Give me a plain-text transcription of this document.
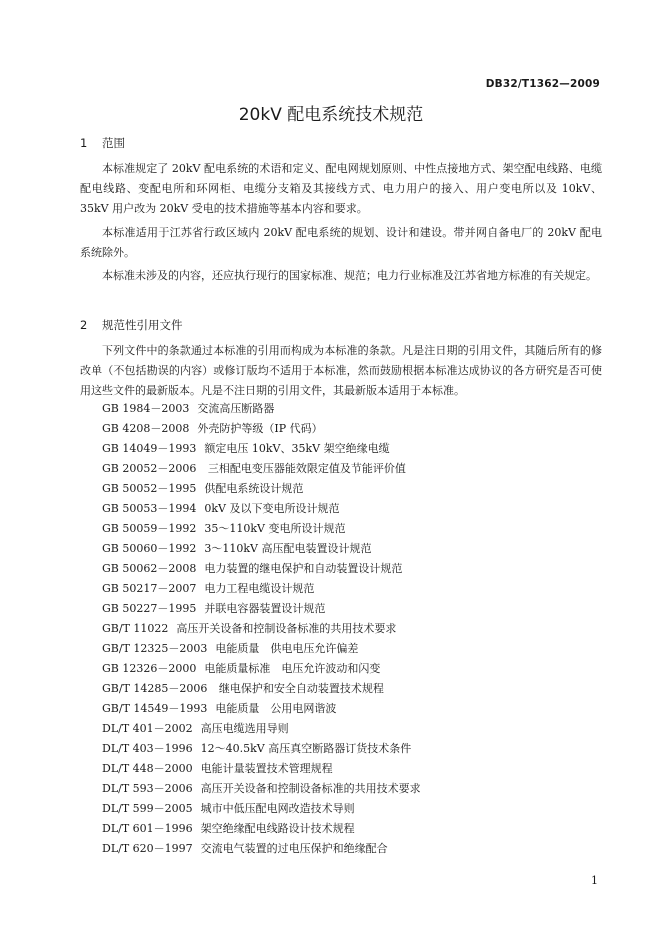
DB32/T1362—2009
20kV 配电系统技术规范
1 范围

本标准规定了 20kV 配电系统的术语和定义、配电网规划原则、中性点接地方式、架空配电线路、电缆配电线路、变配电所和环网柜、电缆分支箱及其接线方式、电力用户的接入、用户变电所以及 10kV、35kV 用户改为 20kV 受电的技术措施等基本内容和要求。

本标准适用于江苏省行政区域内 20kV 配电系统的规划、设计和建设。带并网自备电厂的 20kV 配电系统除外。

本标准未涉及的内容，还应执行现行的国家标准、规范；电力行业标准及江苏省地方标准的有关规定。

2 规范性引用文件

下列文件中的条款通过本标准的引用而构成为本标准的条款。凡是注日期的引用文件，其随后所有的修改单（不包括勘误的内容）或修订版均不适用于本标准，然而鼓励根据本标准达成协议的各方研究是否可使用这些文件的最新版本。凡是不注日期的引用文件，其最新版本适用于本标准。

GB 1984－2003 交流高压断路器
GB 4208－2008 外壳防护等级（IP 代码）
GB 14049－1993 额定电压 10kV、35kV 架空绝缘电缆
GB 20052－2006 三相配电变压器能效限定值及节能评价值
GB 50052－1995 供配电系统设计规范
GB 50053－1994 0kV 及以下变电所设计规范
GB 50059－1992 35～110kV 变电所设计规范
GB 50060－1992 3～110kV 高压配电装置设计规范
GB 50062－2008 电力装置的继电保护和自动装置设计规范
GB 50217－2007 电力工程电缆设计规范
GB 50227－1995 并联电容器装置设计规范
GB/T 11022 高压开关设备和控制设备标准的共用技术要求
GB/T 12325－2003 电能质量　供电电压允许偏差
GB 12326－2000 电能质量标准　电压允许波动和闪变
GB/T 14285－2006 继电保护和安全自动装置技术规程
GB/T 14549－1993 电能质量　公用电网谐波
DL/T 401－2002 高压电缆选用导则
DL/T 403－1996 12～40.5kV 高压真空断路器订货技术条件
DL/T 448－2000 电能计量装置技术管理规程
DL/T 593－2006 高压开关设备和控制设备标准的共用技术要求
DL/T 599－2005 城市中低压配电网改造技术导则
DL/T 601－1996 架空绝缘配电线路设计技术规程
DL/T 620－1997 交流电气装置的过电压保护和绝缘配合
1
